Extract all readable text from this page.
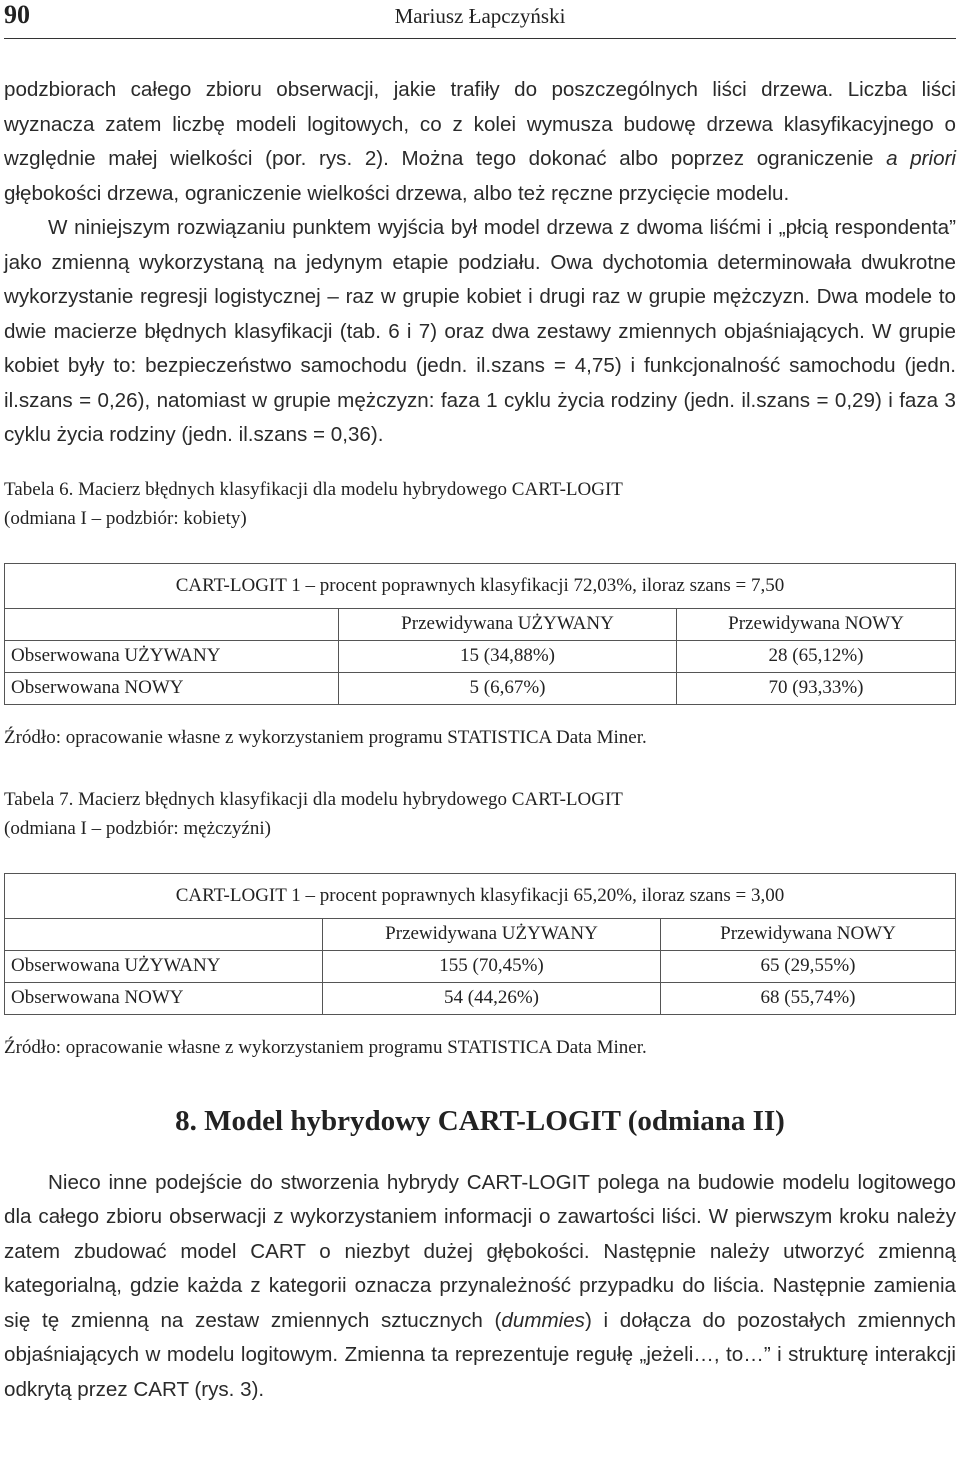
90	Mariusz Łapczyński

podzbiorach całego zbioru obserwacji, jakie trafiły do poszczególnych liści drzewa. Liczba liści wyznacza zatem liczbę modeli logitowych, co z kolei wymusza budowę drzewa klasyfikacyjnego o względnie małej wielkości (por. rys. 2). Można tego dokonać albo poprzez ograniczenie a priori głębokości drzewa, ograniczenie wielkości drzewa, albo też ręczne przycięcie modelu.

W niniejszym rozwiązaniu punktem wyjścia był model drzewa z dwoma liśćmi i „płcią respondenta” jako zmienną wykorzystaną na jedynym etapie podziału. Owa dychotomia determinowała dwukrotne wykorzystanie regresji logistycznej – raz w grupie kobiet i drugi raz w grupie mężczyzn. Dwa modele to dwie macierze błędnych klasyfikacji (tab. 6 i 7) oraz dwa zestawy zmiennych objaśniających. W grupie kobiet były to: bezpieczeństwo samochodu (jedn. il.szans = 4,75) i funkcjonalność samochodu (jedn. il.szans = 0,26), natomiast w grupie mężczyzn: faza 1 cyklu życia rodziny (jedn. il.szans = 0,29) i faza 3 cyklu życia rodziny (jedn. il.szans = 0,36).

Tabela 6. Macierz błędnych klasyfikacji dla modelu hybrydowego CART-LOGIT
(odmiana I – podzbiór: kobiety)

CART-LOGIT 1 – procent poprawnych klasyfikacji 72,03%, iloraz szans = 7,50		
	Przewidywana UŻYWANY	Przewidywana NOWY
Obserwowana UŻYWANY	15 (34,88%)	28 (65,12%)
Obserwowana NOWY	5 (6,67%)	70 (93,33%)

Źródło: opracowanie własne z wykorzystaniem programu STATISTICA Data Miner.

Tabela 7. Macierz błędnych klasyfikacji dla modelu hybrydowego CART-LOGIT
(odmiana I – podzbiór: mężczyźni)

CART-LOGIT 1 – procent poprawnych klasyfikacji 65,20%, iloraz szans = 3,00		
	Przewidywana UŻYWANY	Przewidywana NOWY
Obserwowana UŻYWANY	155 (70,45%)	65 (29,55%)
Obserwowana NOWY	54 (44,26%)	68 (55,74%)

Źródło: opracowanie własne z wykorzystaniem programu STATISTICA Data Miner.

8. Model hybrydowy CART-LOGIT (odmiana II)

Nieco inne podejście do stworzenia hybrydy CART-LOGIT polega na budowie modelu logitowego dla całego zbioru obserwacji z wykorzystaniem informacji o zawartości liści. W pierwszym kroku należy zatem zbudować model CART o niezbyt dużej głębokości. Następnie należy utworzyć zmienną kategorialną, gdzie każda z kategorii oznacza przynależność przypadku do liścia. Następnie zamienia się tę zmienną na zestaw zmiennych sztucznych (dummies) i dołącza do pozostałych zmiennych objaśniających w modelu logitowym. Zmienna ta reprezentuje regułę „jeżeli…, to…” i strukturę interakcji odkrytą przez CART (rys. 3).
